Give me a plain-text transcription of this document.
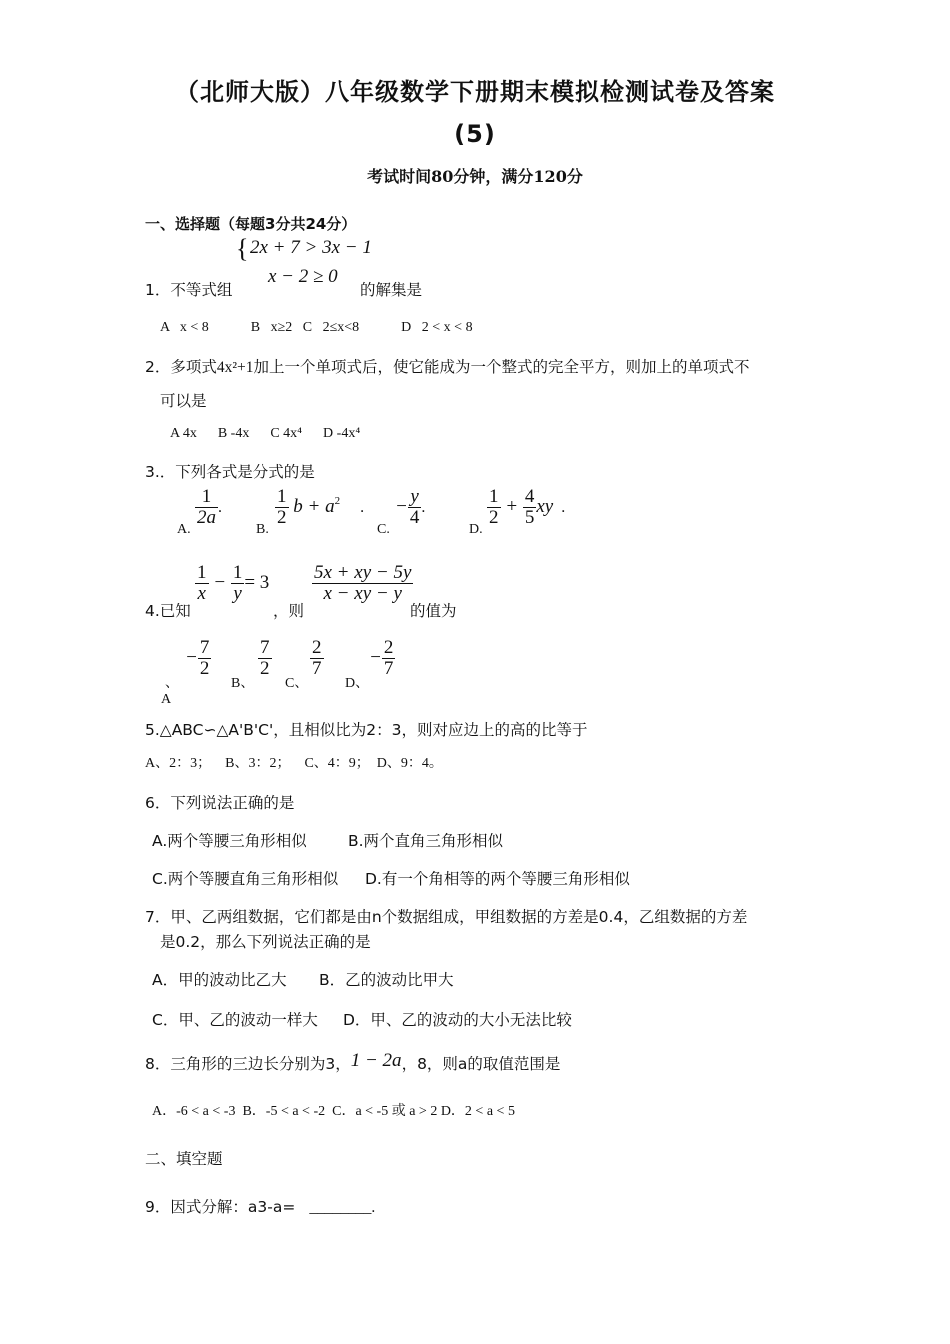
（北师大版）八年级数学下册期末模拟检测试卷及答案
(5)
考试时间80分钟，满分120分
一、选择题（每题3分共24分）
{ 2x + 7 > 3x − 1
x − 2 ≥ 0
1．不等式组	的解集是
A   x < 8            B   x≥2   C   2≤x<8            D   2 < x < 8
2．多项式4x²+1加上一个单项式后，使它能成为一个整式的完全平方，则加上的单项式不
可以是
A 4x      B -4x      C 4x⁴      D -4x⁴
3.．下列各式是分式的是
A.
$\frac{1}{2a}$ .
B.
$\frac{1}{2}$ $b + a^2$ .
C.
− $\frac{y}{4}$ .
D.
$\frac{1}{2} + \frac{4}{5}$ xy .
$\frac{1}{x} - \frac{1}{y} = 3 \frac{5x + xy - 5y}{x - xy - y}$
4.已知	，则	的值为
− $\frac{7}{2} \frac{7}{2} \frac{2}{7} - \frac{2}{7}$
、
A
B、 C、	D、
5.△ABC∽△A'B'C'，且相似比为2：3，则对应边上的高的比等于
A、2：3；    B、3：2；    C、4：9；  D、9：4。
6．下列说法正确的是
A.两个等腰三角形相似	B.两个直角三角形相似
C.两个等腰直角三角形相似 D.有一个角相等的两个等腰三角形相似
7．甲、乙两组数据，它们都是由n个数据组成，甲组数据的方差是0.4，乙组数据的方差
是0.2，那么下列说法正确的是
A．甲的波动比乙大 B．乙的波动比甲大
C．甲、乙的波动一样大 D．甲、乙的波动的大小无法比较
8．三角形的三边长分别为3，1 − 2a，8，则a的取值范围是
A．-6 < a < -3  B．-5 < a < -2  C．a < -5 或 a > 2 D．2 < a < 5
二、填空题
9．因式分解：a3-a= ________.
